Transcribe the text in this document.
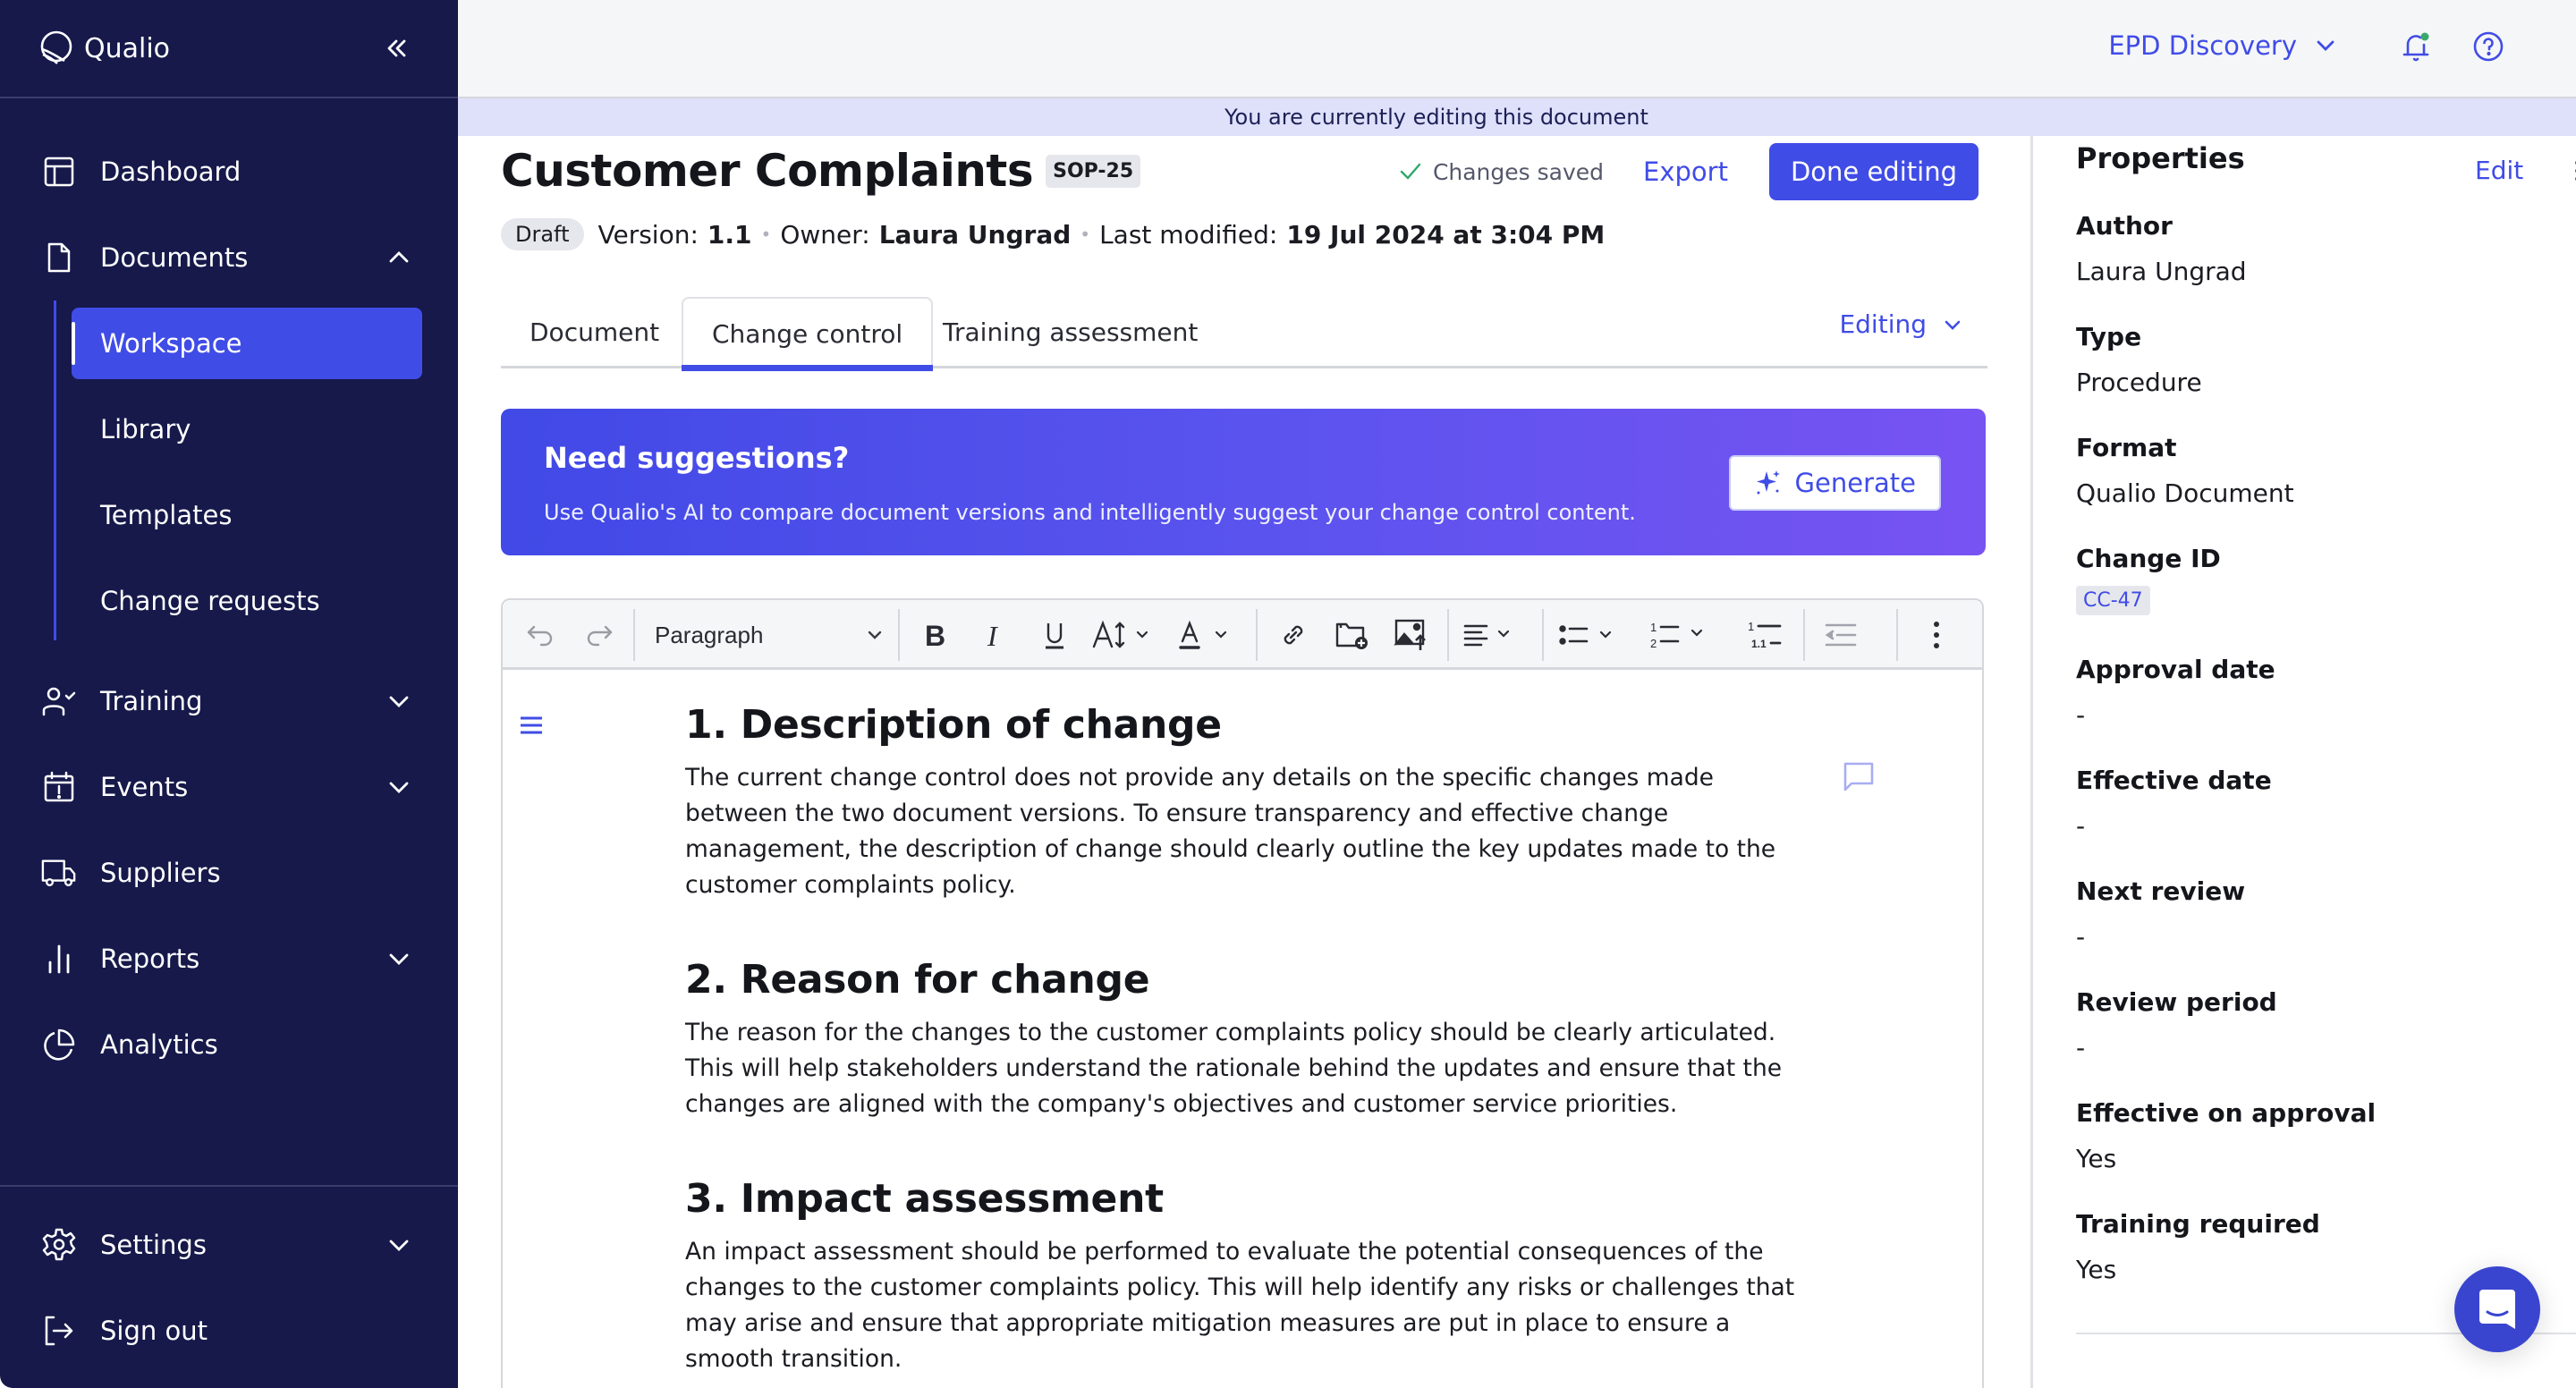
Qualio
Dashboard
Documents
Workspace
Library
Templates
Change requests
Training
Events
Suppliers
Reports
Analytics
Settings
Sign out
EPD Discovery
You are currently editing this document
Customer Complaints	SOP-25	Changes saved Export	Done editing
Draft	Version: 1.1 • Owner: Laura Ungrad • Last modified: 19 Jul 2024 at 3:04 PM
Document	Change control	Training assessment	Editing
Need suggestions?
Use Qualio's AI to compare document versions and intelligently suggest your change control content.
Generate
Paragraph	B I	1
2
1
1.1
1. Description of change

The current change control does not provide any details on the specific changes made between the two document versions. To ensure transparency and effective change management, the description of change should clearly outline the key updates made to the customer complaints policy.

2. Reason for change

The reason for the changes to the customer complaints policy should be clearly articulated. This will help stakeholders understand the rationale behind the updates and ensure that the changes are aligned with the company's objectives and customer service priorities.

3. Impact assessment

An impact assessment should be performed to evaluate the potential consequences of the changes to the customer complaints policy. This will help identify any risks or challenges that may arise and ensure that appropriate mitigation measures are put in place to ensure a smooth transition.

Properties	Edit
Author
Laura Ungrad
Type
Procedure
Format
Qualio Document
Change ID
CC-47
Approval date
-
Effective date
-
Next review
-
Review period
-
Effective on approval
Yes
Training required
Yes
